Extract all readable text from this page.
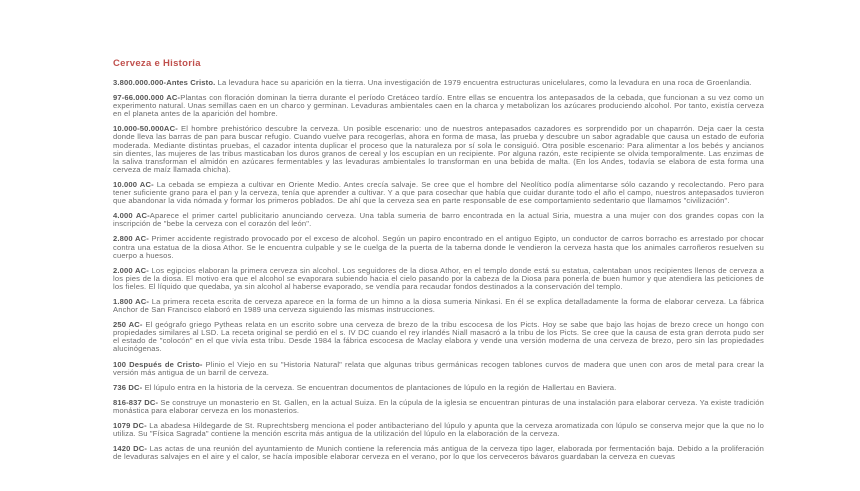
Cerveza e Historia

3.800.000.000-Antes Cristo. La levadura hace su aparición en la tierra. Una investigación de 1979 encuentra estructuras unicelulares, como la levadura en una roca de Groenlandia.

97-66.000.000 AC-Plantas con floración dominan la tierra durante el período Cretáceo tardío. Entre ellas se encuentra los antepasados de la cebada, que funcionan a su vez como un experimento natural. Unas semillas caen en un charco y germinan. Levaduras ambientales caen en la charca y metabolizan los azúcares produciendo alcohol. Por tanto, existía cerveza en el planeta antes de la aparición del hombre.

10.000-50.000AC- El hombre prehistórico descubre la cerveza. Un posible escenario: uno de nuestros antepasados cazadores es sorprendido por un chaparrón. Deja caer la cesta donde lleva las barras de pan para buscar refugio. Cuando vuelve para recogerlas, ahora en forma de masa, las prueba y descubre un sabor agradable que causa un estado de euforia moderada. Mediante distintas pruebas, el cazador intenta duplicar el proceso que la naturaleza por sí sola le consiguió. Otra posible escenario: Para alimentar a los bebés y ancianos sin dientes, las mujeres de las tribus masticaban los duros granos de cereal y los escupían en un recipiente. Por alguna razón, este recipiente se olvida temporalmente. Las enzimas de la saliva transforman el almidón en azúcares fermentables y las levaduras ambientales lo transforman en una bebida de malta. (En los Andes, todavía se elabora de esta forma una cerveza de maíz llamada chicha).

10.000 AC- La cebada se empieza a cultivar en Oriente Medio. Antes crecía salvaje. Se cree que el hombre del Neolítico podía alimentarse sólo cazando y recolectando. Pero para tener suficiente grano para el pan y la cerveza, tenía que aprender a cultivar. Y a que para cosechar que había que cuidar durante todo el año el campo, nuestros antepasados tuvieron que abandonar la vida nómada y formar los primeros poblados. De ahí que la cerveza sea en parte responsable de ese comportamiento sedentario que llamamos "civilización".

4.000 AC-Aparece el primer cartel publicitario anunciando cerveza. Una tabla sumeria de barro encontrada en la actual Siria, muestra a una mujer con dos grandes copas con la inscripción de "bebe la cerveza con el corazón del león".

2.800 AC- Primer accidente registrado provocado por el exceso de alcohol. Según un papiro encontrado en el antiguo Egipto, un conductor de carros borracho es arrestado por chocar contra una estatua de la diosa Athor. Se le encuentra culpable y se le cuelga de la puerta de la taberna donde le vendieron la cerveza hasta que los animales carroñeros resuelven su cuerpo a huesos.

2.000 AC- Los egipcios elaboran la primera cerveza sin alcohol. Los seguidores de la diosa Athor, en el templo donde está su estatua, calentaban unos recipientes llenos de cerveza a los pies de la diosa. El motivo era que el alcohol se evaporara subiendo hacia el cielo pasando por la cabeza de la Diosa para ponerla de buen humor y que atendiera las peticiones de los fieles. El líquido que quedaba, ya sin alcohol al haberse evaporado, se vendía para recaudar fondos destinados a la conservación del templo.

1.800 AC- La primera receta escrita de cerveza aparece en la forma de un himno a la diosa sumeria Ninkasi. En él se explica detalladamente la forma de elaborar cerveza. La fábrica Anchor de San Francisco elaboró en 1989 una cerveza siguiendo las mismas instrucciones.

250 AC- El geógrafo griego Pytheas relata en un escrito sobre una cerveza de brezo de la tribu escocesa de los Picts. Hoy se sabe que bajo las hojas de brezo crece un hongo con propiedades similares al LSD. La receta original se perdió en el s. IV DC cuando el rey irlandés Niall masacró a la tribu de los Picts. Se cree que la causa de esta gran derrota pudo ser el estado de "colocón" en el que vivía esta tribu. Desde 1984 la fábrica escocesa de Maclay elabora y vende una versión moderna de una cerveza de brezo, pero sin las propiedades alucinógenas.

100 Después de Cristo- Plinio el Viejo en su "Historia Natural" relata que algunas tribus germánicas recogen tablones curvos de madera que unen con aros de metal para crear la versión más antigua de un barril de cerveza.

736 DC- El lúpulo entra en la historia de la cerveza. Se encuentran documentos de plantaciones de lúpulo en la región de Hallertau en Baviera.

816-837 DC- Se construye un monasterio en St. Gallen, en la actual Suiza. En la cúpula de la iglesia se encuentran pinturas de una instalación para elaborar cerveza. Ya existe tradición monástica para elaborar cerveza en los monasterios.

1079 DC- La abadesa Hildegarde de St. Ruprechtsberg menciona el poder antibacteriano del lúpulo y apunta que la cerveza aromatizada con lúpulo se conserva mejor que la que no lo utiliza. Su "Física Sagrada" contiene la mención escrita más antigua de la utilización del lúpulo en la elaboración de la cerveza.

1420 DC- Las actas de una reunión del ayuntamiento de Munich contiene la referencia más antigua de la cerveza tipo lager, elaborada por fermentación baja. Debido a la proliferación de levaduras salvajes en el aire y el calor, se hacía imposible elaborar cerveza en el verano, por lo que los cerveceros bávaros guardaban la cerveza en cuevas
